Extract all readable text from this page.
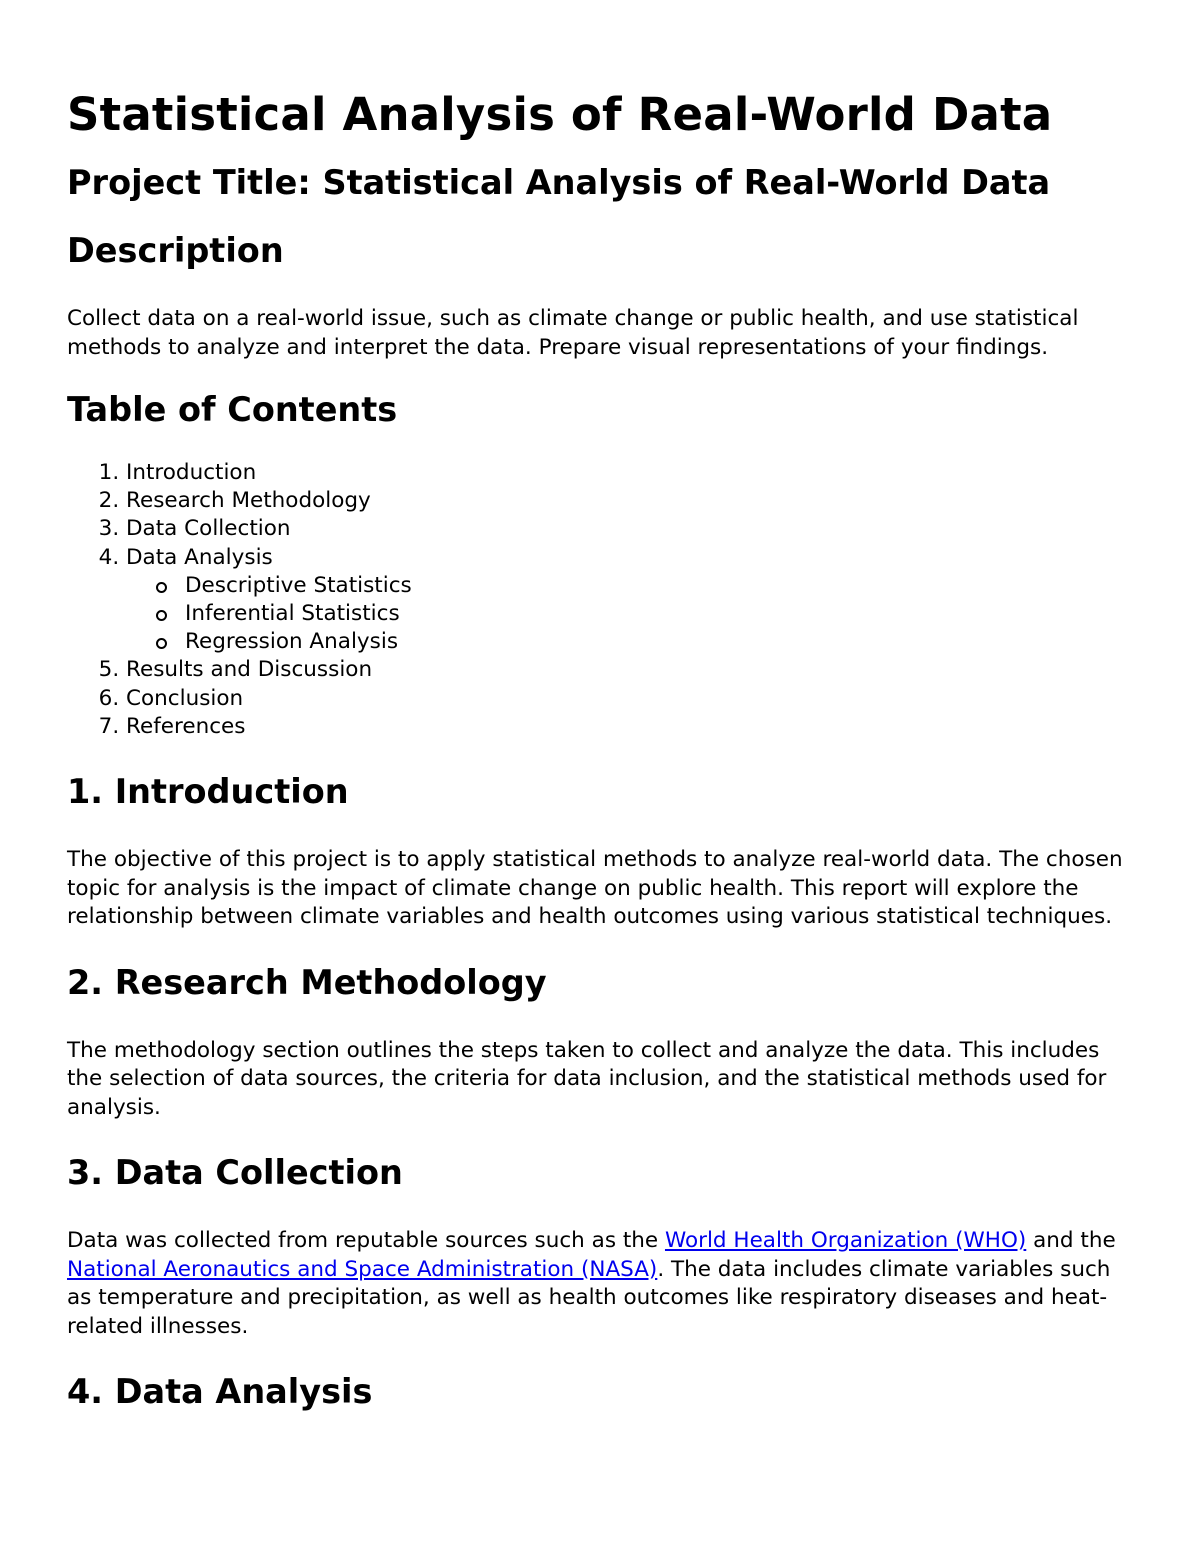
Statistical Analysis of Real-World Data
Project Title: Statistical Analysis of Real-World Data
Description

Collect data on a real-world issue, such as climate change or public health, and use statistical methods to analyze and interpret the data. Prepare visual representations of your findings.

Table of Contents
1. Introduction
2. Research Methodology
3. Data Collection
4. Data Analysis
Descriptive Statistics
Inferential Statistics
Regression Analysis
5. Results and Discussion
6. Conclusion
7. References
1. Introduction

The objective of this project is to apply statistical methods to analyze real-world data. The chosen topic for analysis is the impact of climate change on public health. This report will explore the relationship between climate variables and health outcomes using various statistical techniques.

2. Research Methodology

The methodology section outlines the steps taken to collect and analyze the data. This includes the selection of data sources, the criteria for data inclusion, and the statistical methods used for analysis.

3. Data Collection

Data was collected from reputable sources such as the World Health Organization (WHO) and the National Aeronautics and Space Administration (NASA). The data includes climate variables such as temperature and precipitation, as well as health outcomes like respiratory diseases and heat-related illnesses.

4. Data Analysis
